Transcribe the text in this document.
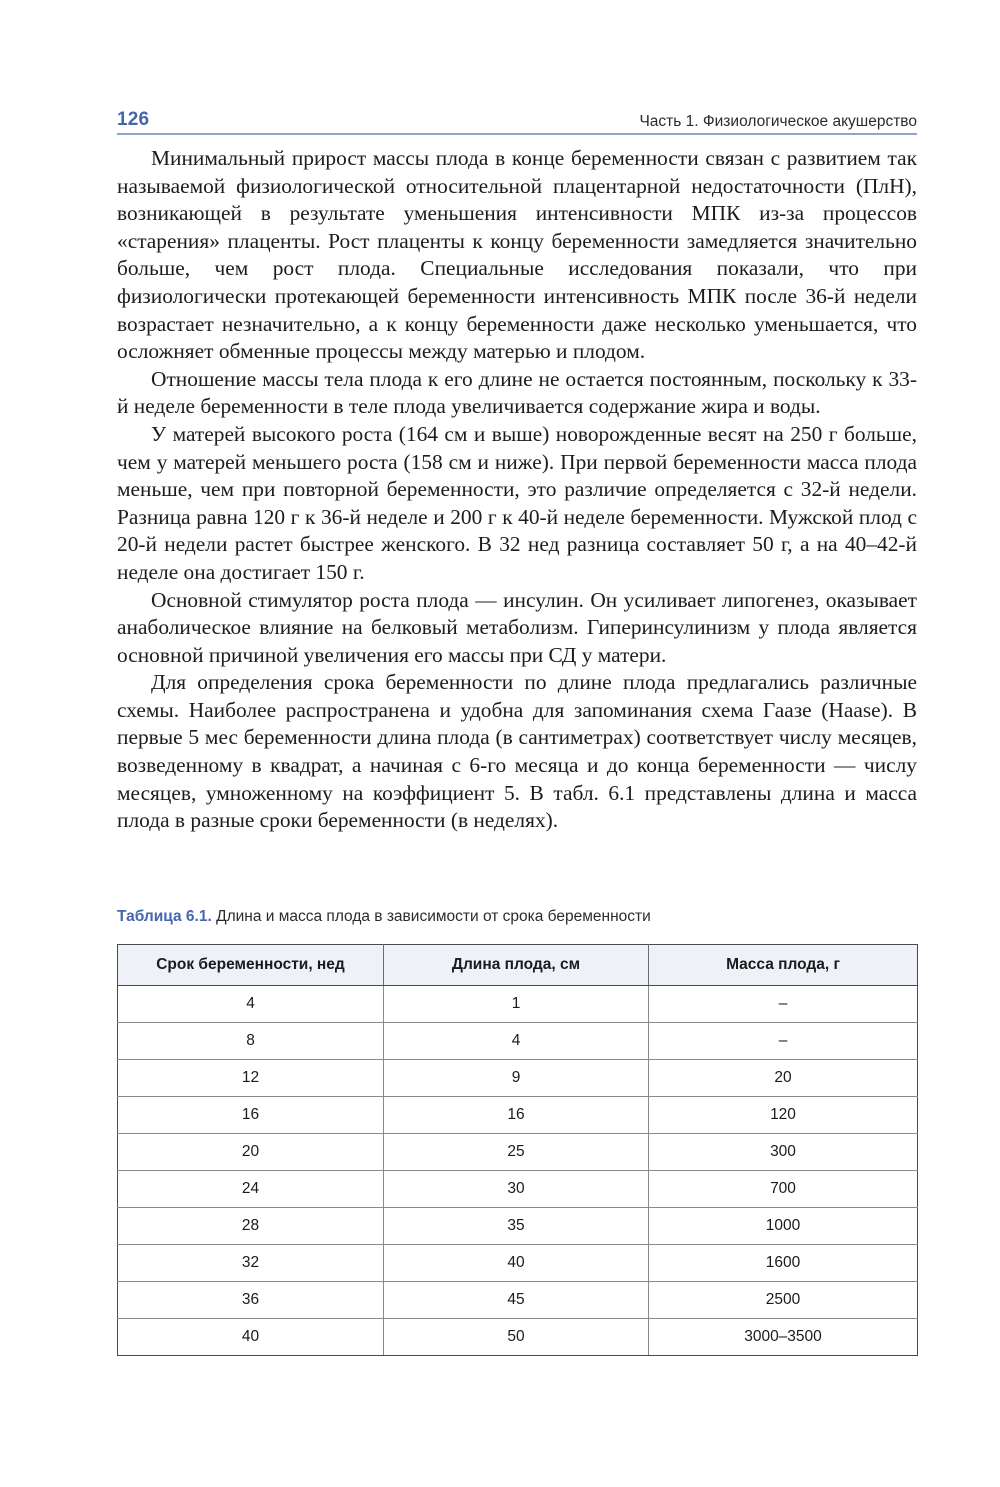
126	Часть 1. Физиологическое акушерство

Минимальный прирост массы плода в конце беременности связан с развитием так называемой физиологической относительной плацентарной недостаточности (ПлН), возникающей в результате уменьшения интенсивности МПК из-за процессов «старения» плаценты. Рост плаценты к концу беременности замедляется значительно больше, чем рост плода. Специальные исследования показали, что при физиологически протекающей беременности интенсивность МПК после 36-й недели возрастает незначительно, а к концу беременности даже несколько уменьшается, что осложняет обменные процессы между матерью и плодом.

Отношение массы тела плода к его длине не остается постоянным, поскольку к 33-й неделе беременности в теле плода увеличивается содержание жира и воды.

У матерей высокого роста (164 см и выше) новорожденные весят на 250 г больше, чем у матерей меньшего роста (158 см и ниже). При первой беременности масса плода меньше, чем при повторной беременности, это различие определяется с 32-й недели. Разница равна 120 г к 36-й неделе и 200 г к 40-й неделе беременности. Мужской плод с 20-й недели растет быстрее женского. В 32 нед разница составляет 50 г, а на 40–42-й неделе она достигает 150 г.

Основной стимулятор роста плода — инсулин. Он усиливает липогенез, оказывает анаболическое влияние на белковый метаболизм. Гиперинсулинизм у плода является основной причиной увеличения его массы при СД у матери.

Для определения срока беременности по длине плода предлагались различные схемы. Наиболее распространена и удобна для запоминания схема Гаазе (Haase). В первые 5 мес беременности длина плода (в сантиметрах) соответствует числу месяцев, возведенному в квадрат, а начиная с 6-го месяца и до конца беременности — числу месяцев, умноженному на коэффициент 5. В табл. 6.1 представлены длина и масса плода в разные сроки беременности (в неделях).

Таблица 6.1. Длина и масса плода в зависимости от срока беременности
Срок беременности, нед	Длина плода, см	Масса плода, г
4	1	–
8	4	–
12	9	20
16	16	120
20	25	300
24	30	700
28	35	1000
32	40	1600
36	45	2500
40	50	3000–3500
